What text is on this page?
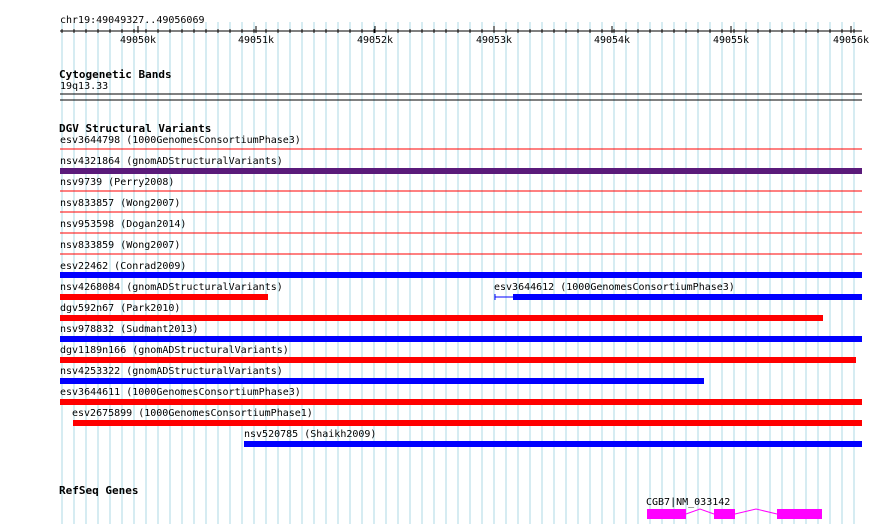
chr19:49049327..49056069
49050k	49051k	49052k	49053k	49054k	49055k	49056k
Cytogenetic Bands
19q13.33
DGV Structural Variants
esv3644798 (1000GenomesConsortiumPhase3)
nsv4321864 (gnomADStructuralVariants)
nsv9739 (Perry2008)
nsv833857 (Wong2007)
nsv953598 (Dogan2014)
nsv833859 (Wong2007)
esv22462 (Conrad2009)
nsv4268084 (gnomADStructuralVariants)	esv3644612 (1000GenomesConsortiumPhase3)
dgv592n67 (Park2010)
nsv978832 (Sudmant2013)
dgv1189n166 (gnomADStructuralVariants)
nsv4253322 (gnomADStructuralVariants)
esv3644611 (1000GenomesConsortiumPhase3)
esv2675899 (1000GenomesConsortiumPhase1)
nsv520785 (Shaikh2009)
RefSeq Genes
CGB7|NM_033142
